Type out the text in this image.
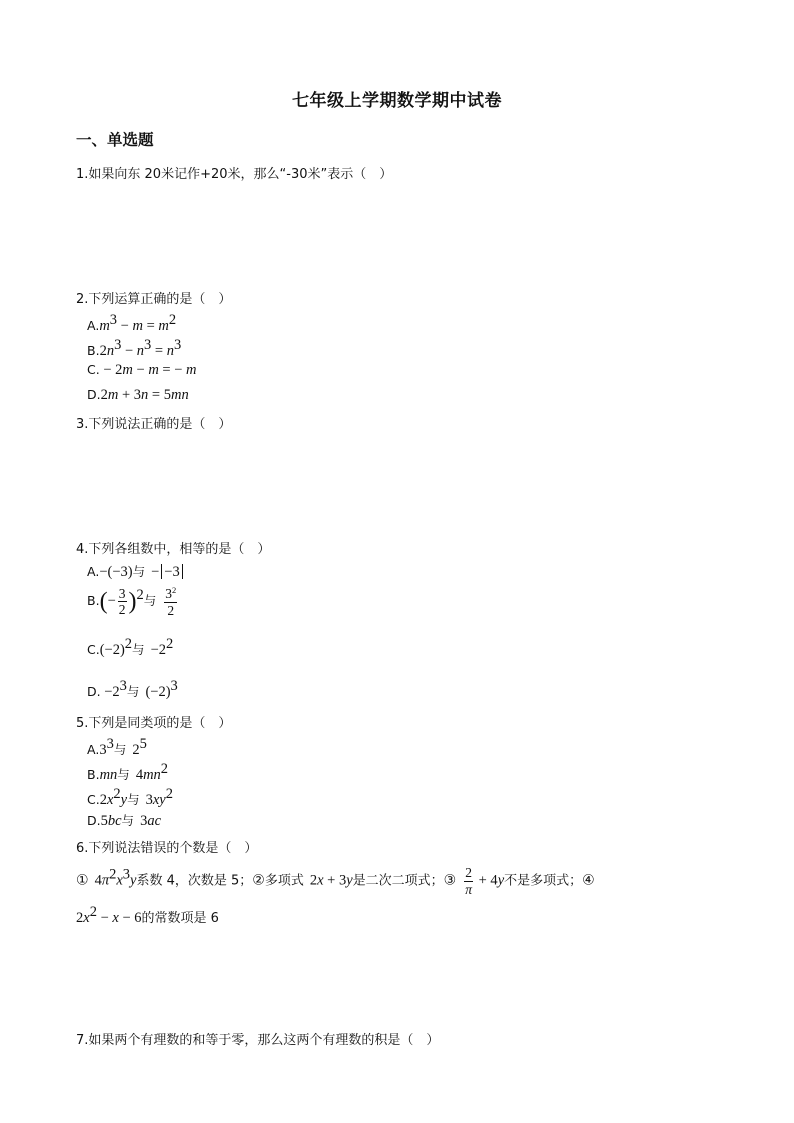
七年级上学期数学期中试卷
一、单选题
1.如果向东 20米记作+20米，那么“-30米”表示（　）
2.下列运算正确的是（　）
$A.m^3 - m = m^2$
$B.2n^3 - n^3 = n^3$
C. − 2m − m = − m
D.2m + 3n = 5mn
3.下列说法正确的是（　）
4.下列各组数中，相等的是（　）
A.−(−3)与 − −3
$B.(- \frac{3}{2} )^2$与 $\frac{3^2}{2}$
$C.(-2)^2$与 $-2^2$
D. $-2^3$与 $(-2)^3$
5.下列是同类项的是（　）
$A.3^3$与 $2^5$
B.mn与 $4mn^2$
$C.2x^2y$与 $3xy^2$
D.5bc与 3ac
6.下列说法错误的个数是（　）
① $4\pi^2x^3y$系数 4，次数是 5；②多项式 2x + 3y是二次二项式；③ $\frac{2}{\pi} + 4y$不是多项式；④
$2x^2 - x - 6$的常数项是 6
7.如果两个有理数的和等于零，那么这两个有理数的积是（　）
